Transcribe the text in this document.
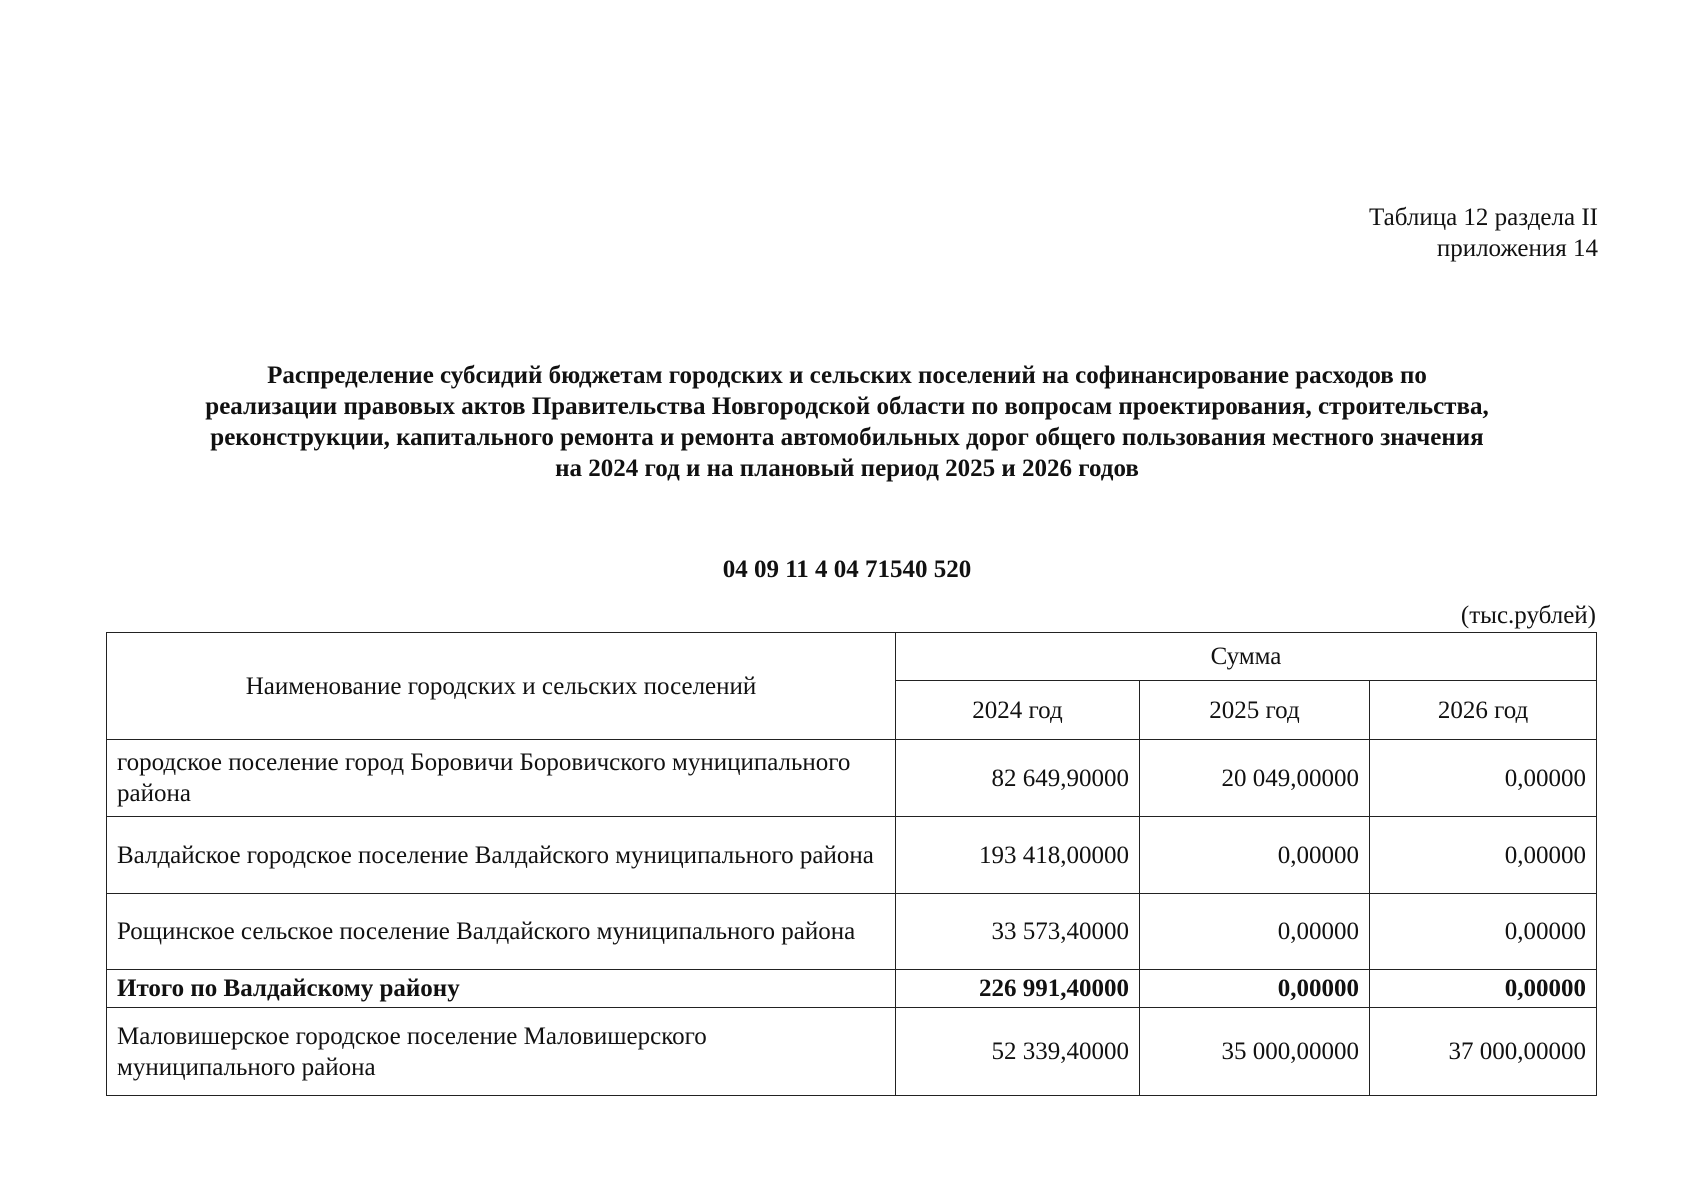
Таблица 12 раздела II
приложения 14
Распределение субсидий бюджетам городских и сельских поселений на софинансирование расходов по
реализации правовых актов Правительства Новгородской области по вопросам проектирования, строительства,
реконструкции, капитального ремонта и ремонта автомобильных дорог общего пользования местного значения
на 2024 год и на плановый период 2025 и 2026 годов
04 09 11 4 04 71540 520
(тыс.рублей)
Наименование городских и сельских поселений	Сумма		
	2024 год	2025 год	2026 год
городское поселение город Боровичи Боровичского муниципального района	82 649,90000	20 049,00000	0,00000
Валдайское городское поселение Валдайского муниципального района	193 418,00000	0,00000	0,00000
Рощинское сельское поселение Валдайского муниципального района	33 573,40000	0,00000	0,00000
Итого по Валдайскому району	226 991,40000	0,00000	0,00000
Маловишерское городское поселение Маловишерского муниципального района	52 339,40000	35 000,00000	37 000,00000
